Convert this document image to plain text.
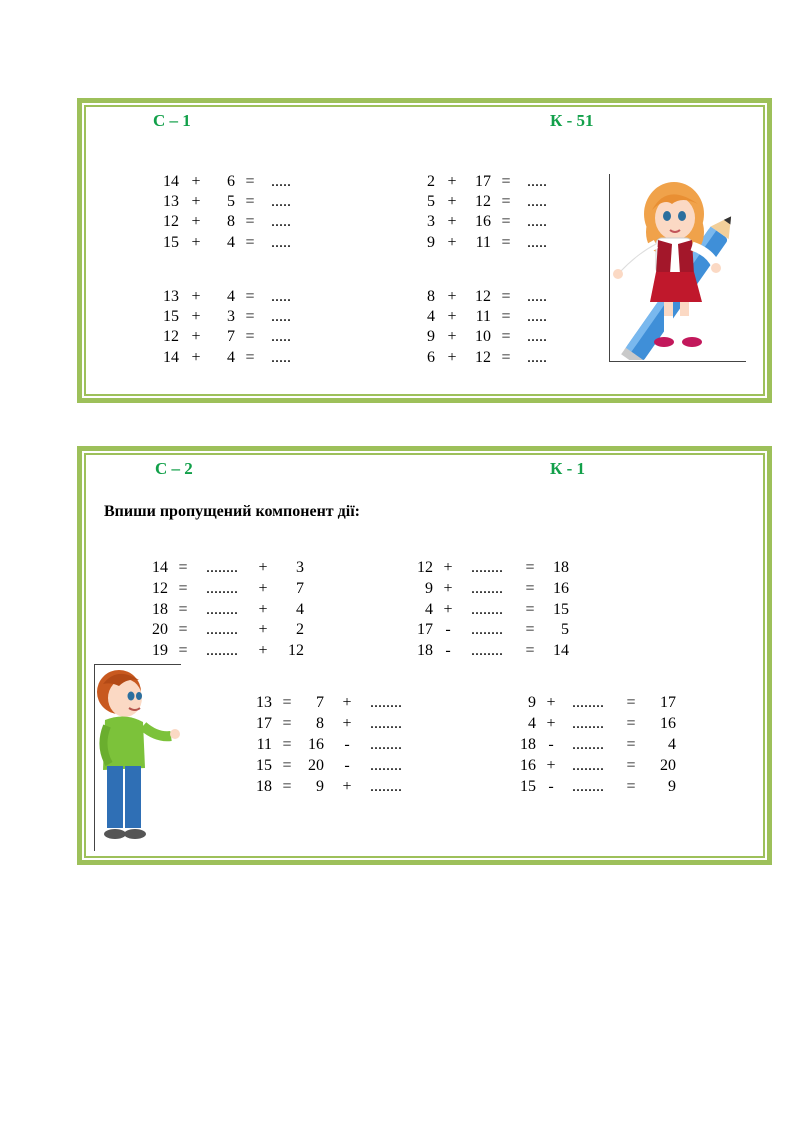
С – 1	К - 51
14 +	6 = .....
13 +	5 = .....
12 +	8 = .....
15 +	4 = .....
13 +	4 = .....
15 +	3 = .....
12 +	7 = .....
14 +	4 = .....
2 +	17 = .....
5 +	12 = .....
3 +	16 = .....
9 +	11 = .....
8 +	12 = .....
4 +	11 = .....
9 +	10 = .....
6 +	12 = .....
С – 2	К - 1
Впиши пропущений компонент дії:
14 = ........	+	3
12 = ........	+	7
18 = ........	+	4
20 = ........	+	2
19 = ........	+	12
12 + ........	=	18
9 + ........	=	16
4 + ........	=	15
17 - ........	=	5
18 - ........	=	14
13 =	7 + ........
17 =	8 + ........
11 =	16 - ........
15 =	20 - ........
18 =	9 + ........
9 + ........	=	17
4 + ........	=	16
18 - ........	=	4
16 + ........	=	20
15 - ........	=	9
